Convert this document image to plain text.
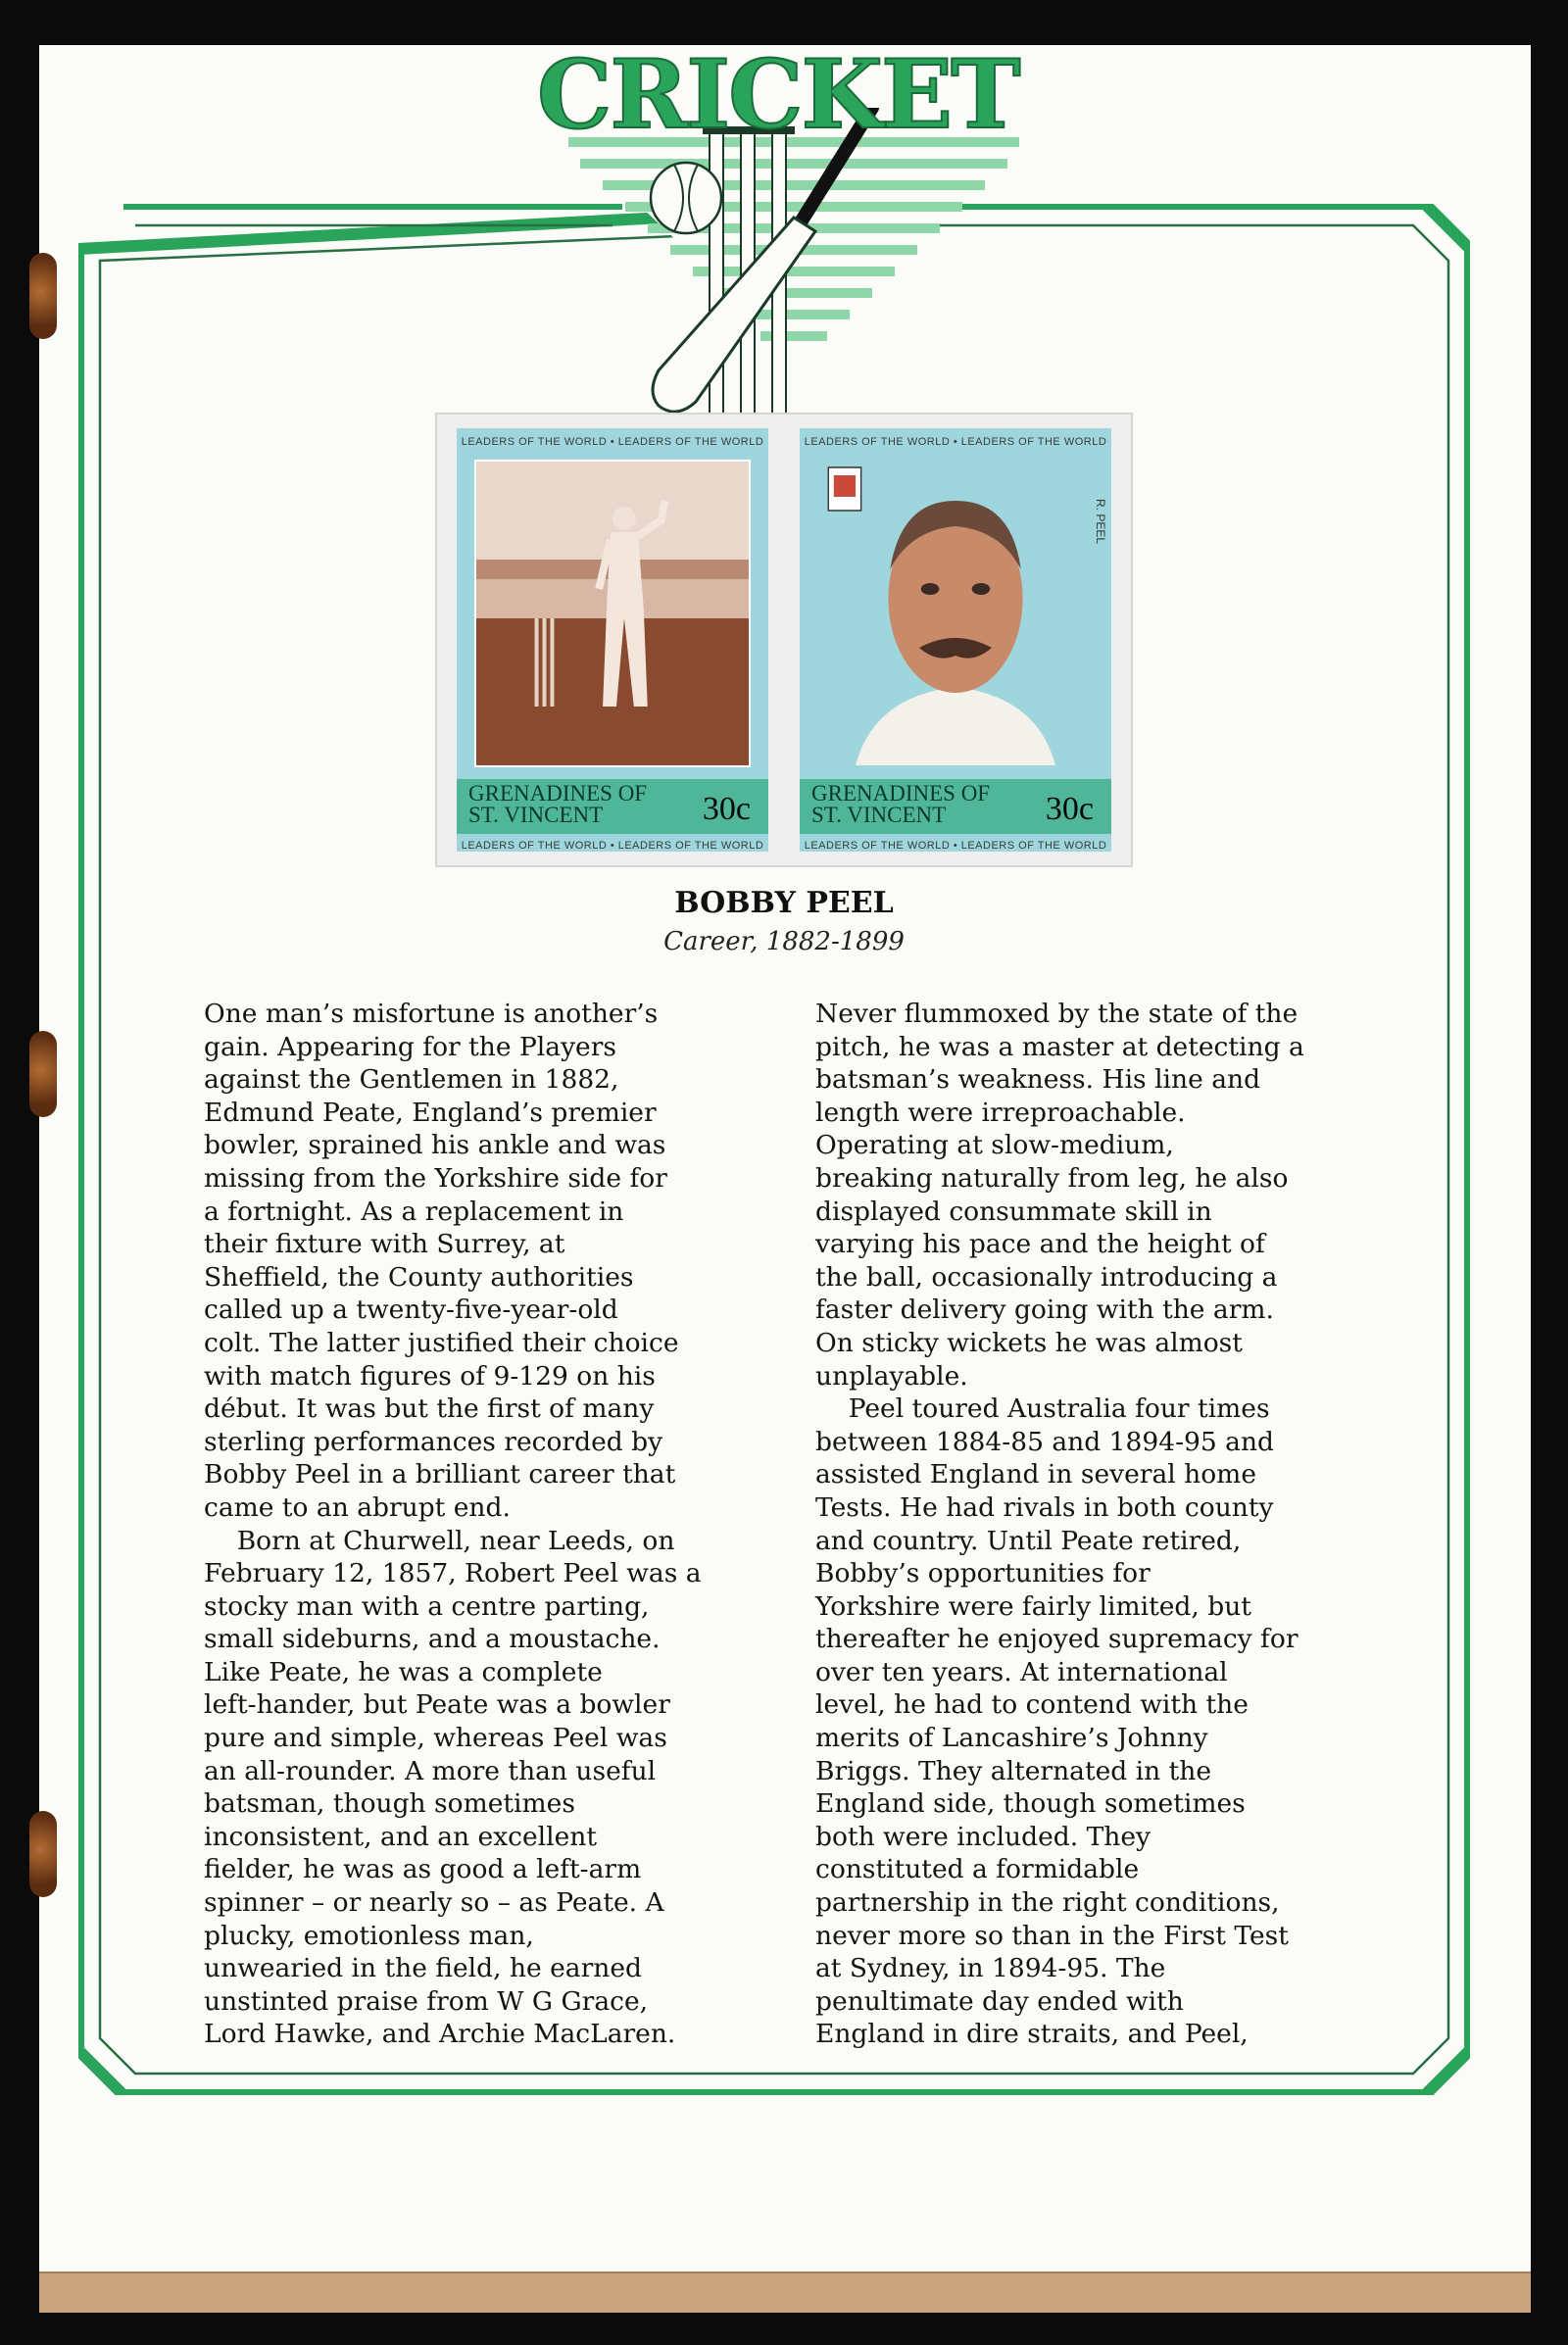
CRICKET
LEADERS OF THE WORLD • LEADERS OF THE WORLD
GRENADINES OF
ST. VINCENT	30c
LEADERS OF THE WORLD • LEADERS OF THE WORLD
LEADERS OF THE WORLD • LEADERS OF THE WORLD
R. PEEL
GRENADINES OF
ST. VINCENT	30c
LEADERS OF THE WORLD • LEADERS OF THE WORLD
BOBBY PEEL
Career, 1882-1899
One man’s misfortune is another’s
gain. Appearing for the Players
against the Gentlemen in 1882,
Edmund Peate, England’s premier
bowler, sprained his ankle and was
missing from the Yorkshire side for
a fortnight. As a replacement in
their fixture with Surrey, at
Sheffield, the County authorities
called up a twenty-five-year-old
colt. The latter justified their choice
with match figures of 9-129 on his
début. It was but the first of many
sterling performances recorded by
Bobby Peel in a brilliant career that
came to an abrupt end.
Born at Churwell, near Leeds, on
February 12, 1857, Robert Peel was a
stocky man with a centre parting,
small sideburns, and a moustache.
Like Peate, he was a complete
left-hander, but Peate was a bowler
pure and simple, whereas Peel was
an all-rounder. A more than useful
batsman, though sometimes
inconsistent, and an excellent
fielder, he was as good a left-arm
spinner – or nearly so – as Peate. A
plucky, emotionless man,
unwearied in the field, he earned
unstinted praise from W G Grace,
Lord Hawke, and Archie MacLaren.
Never flummoxed by the state of the
pitch, he was a master at detecting a
batsman’s weakness. His line and
length were irreproachable.
Operating at slow-medium,
breaking naturally from leg, he also
displayed consummate skill in
varying his pace and the height of
the ball, occasionally introducing a
faster delivery going with the arm.
On sticky wickets he was almost
unplayable.
Peel toured Australia four times
between 1884-85 and 1894-95 and
assisted England in several home
Tests. He had rivals in both county
and country. Until Peate retired,
Bobby’s opportunities for
Yorkshire were fairly limited, but
thereafter he enjoyed supremacy for
over ten years. At international
level, he had to contend with the
merits of Lancashire’s Johnny
Briggs. They alternated in the
England side, though sometimes
both were included. They
constituted a formidable
partnership in the right conditions,
never more so than in the First Test
at Sydney, in 1894-95. The
penultimate day ended with
England in dire straits, and Peel,
